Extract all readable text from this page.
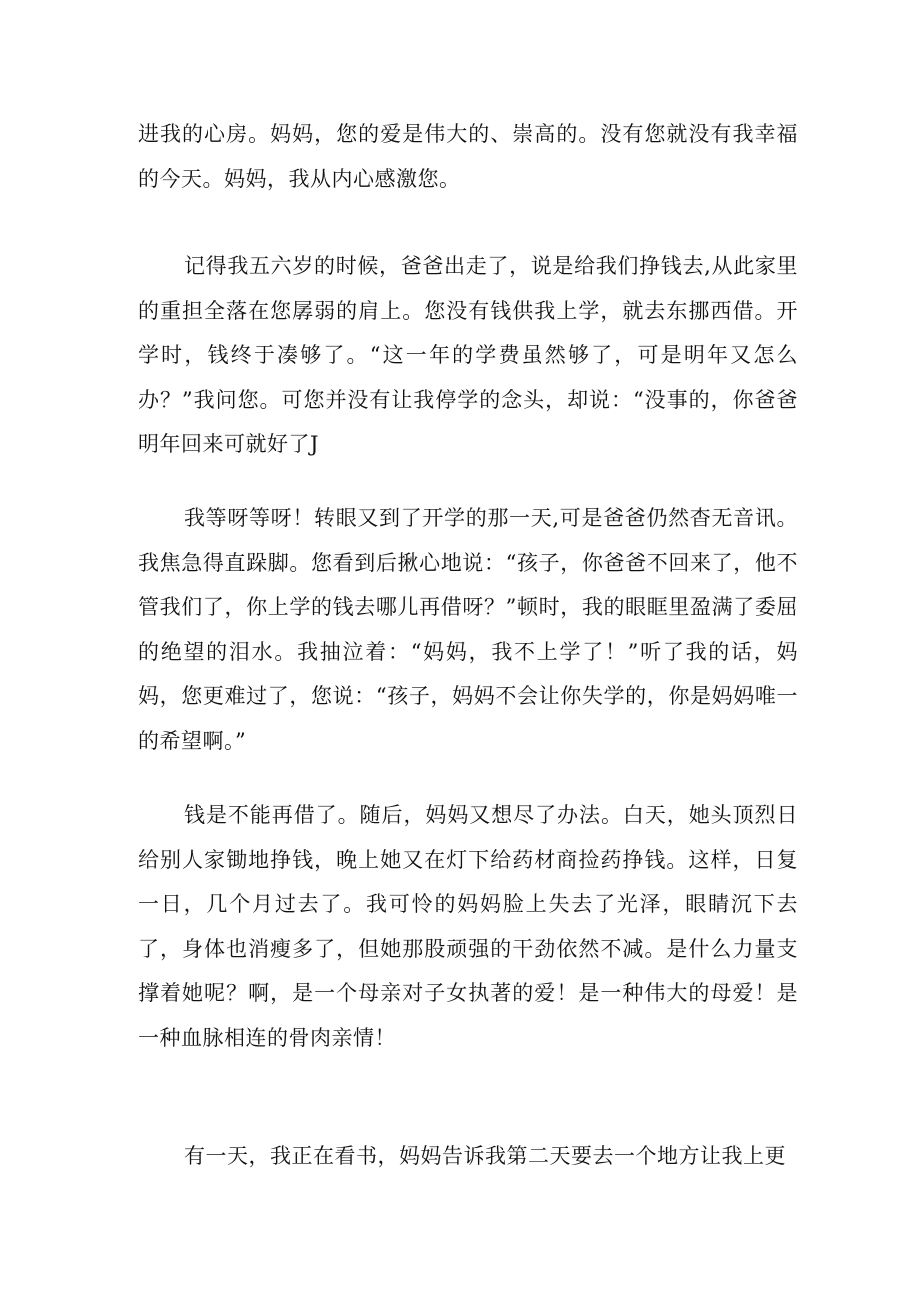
进我的心房。妈妈，您的爱是伟大的、崇高的。没有您就没有我幸福的今天。妈妈，我从内心感激您。

记得我五六岁的时候，爸爸出走了，说是给我们挣钱去,从此家里的重担全落在您孱弱的肩上。您没有钱供我上学，就去东挪西借。开学时，钱终于凑够了。“这一年的学费虽然够了，可是明年又怎么办？”我问您。可您并没有让我停学的念头，却说：“没事的，你爸爸明年回来可就好了J

我等呀等呀！转眼又到了开学的那一天,可是爸爸仍然杳无音讯。我焦急得直跺脚。您看到后揪心地说：“孩子，你爸爸不回来了，他不管我们了，你上学的钱去哪儿再借呀？”顿时，我的眼眶里盈满了委屈的绝望的泪水。我抽泣着：“妈妈，我不上学了！”听了我的话，妈妈，您更难过了，您说：“孩子，妈妈不会让你失学的，你是妈妈唯一的希望啊。”

钱是不能再借了。随后，妈妈又想尽了办法。白天，她头顶烈日给别人家锄地挣钱，晚上她又在灯下给药材商捡药挣钱。这样，日复一日，几个月过去了。我可怜的妈妈脸上失去了光泽，眼睛沉下去了，身体也消瘦多了，但她那股顽强的干劲依然不减。是什么力量支撑着她呢？啊，是一个母亲对子女执著的爱！是一种伟大的母爱！是一种血脉相连的骨肉亲情！

有一天，我正在看书，妈妈告诉我第二天要去一个地方让我上更
